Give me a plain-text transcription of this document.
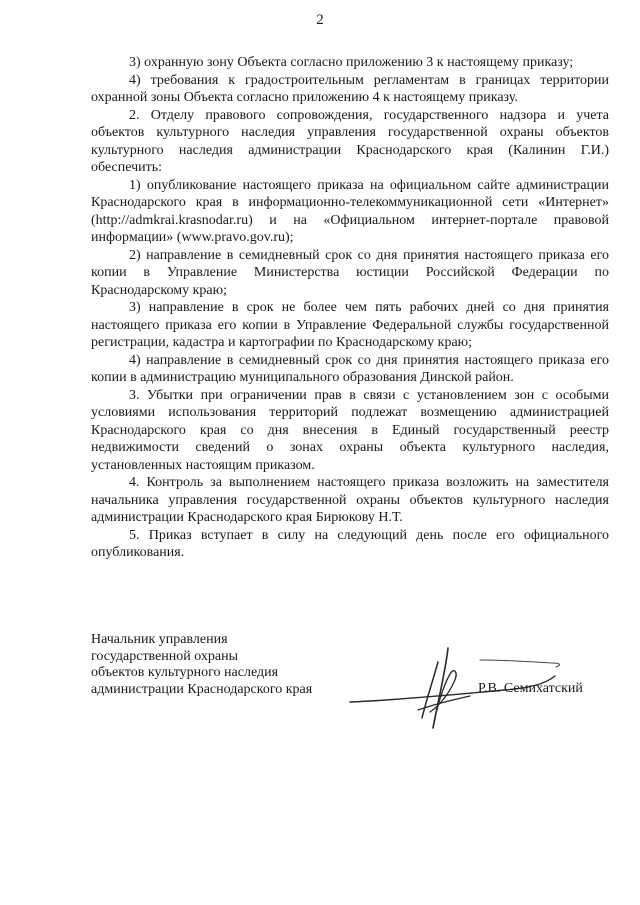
2

3) охранную зону Объекта согласно приложению 3 к настоящему приказу;

4) требования к градостроительным регламентам в границах территории охранной зоны Объекта согласно приложению 4 к настоящему приказу.

2. Отделу правового сопровождения, государственного надзора и учета объектов культурного наследия управления государственной охраны объектов культурного наследия администрации Краснодарского края (Калинин Г.И.) обеспечить:

1) опубликование настоящего приказа на официальном сайте администрации Краснодарского края в информационно-телекоммуникационной сети «Интернет» (http://admkrai.krasnodar.ru) и на «Официальном интернет-портале правовой информации» (www.pravo.gov.ru);

2) направление в семидневный срок со дня принятия настоящего приказа его копии в Управление Министерства юстиции Российской Федерации по Краснодарскому краю;

3) направление в срок не более чем пять рабочих дней со дня принятия настоящего приказа его копии в Управление Федеральной службы государственной регистрации, кадастра и картографии по Краснодарскому краю;

4) направление в семидневный срок со дня принятия настоящего приказа его копии в администрацию муниципального образования Динской район.

3. Убытки при ограничении прав в связи с установлением зон с особыми условиями использования территорий подлежат возмещению администрацией Краснодарского края со дня внесения в Единый государственный реестр недвижимости сведений о зонах охраны объекта культурного наследия, установленных настоящим приказом.

4. Контроль за выполнением настоящего приказа возложить на заместителя начальника управления государственной охраны объектов культурного наследия администрации Краснодарского края Бирюкову Н.Т.

5. Приказ вступает в силу на следующий день после его официального опубликования.

Начальник управления
государственной охраны
объектов культурного наследия
администрации Краснодарского края	Р.В. Семихатский
